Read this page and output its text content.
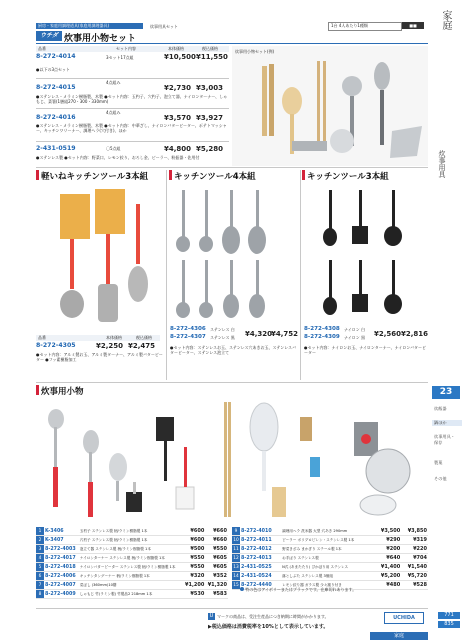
厨房・家庭用調理道具(家庭用調理器具)	炊事用具セット	1台 4人あたり1種類	■■
ウチダ 炊事用小物セット
家庭
炊事用具
23
炊飯器
鍋ほか
炊事用具・保存
製菓
その他
771
835
品番	セット内容	本体価格	税込価格
8-272-4014	3セット17点組	¥10,500 ¥11,550
●以下の3点セット
8-272-4015
4点組み
¥2,730 ¥3,003
●ステンレス・メラミン樹脂製、木製 ●セット内容：玉杓子、穴杓子、泡立て器、ナイロンターナー、しゃもじ、菜箸(1膳組270・300・330mm)
8-272-4016
4点組み
¥3,570 ¥3,927
●ステンレス・メラミン樹脂製、木製 ●セット内容：中華ざし、ナイロンバターピーター、ポテトマッシャー、キッチンワリーナー、調理ヘラ(穴付き)、ほか
2-431-0519	〇5点組	¥4,800 ¥5,280
●ステンレス製 ●セット内容：野菜口、レモン絞り、おろし金、ピーラー、粉振器・佐用付
炊事用小物セット(例)
軽いねキッチンツール3本組
品番	本体価格	税込価格
8-272-4305	¥2,250 ¥2,475
●セット内容：アルミ製お玉、アルミ製ターナー、アルミ製バターピーター ●フッ素樹脂加工
キッチンツール4本組
8-272-4306 ステンレス 白
8-272-4307 ステンレス 黒 ¥4,320
¥4,752
●セット内容：ステンレスお玉、ステンレス穴あきお玉、ステンレスバターピーター、ステンレス泡立て
キッチンツール3本組
8-272-4308 ナイロン 白
8-272-4309 ナイロン 黒 ¥2,560 ¥2,816
●セット内容：ナイロンお玉、ナイロンターナー、ナイロンバターピーター
炊事用小物
1	K-3406	玉杓子 ステンレス製 柄/ラミン樹脂製 1本	¥600	¥660
2	K-3407	穴杓子 ステンレス製 柄/ラミン樹脂製 1本	¥600	¥660
3	8-272-4003	泡立て器 ステンレス製 柄/ラミン樹脂製 1本	¥500	¥550
4	8-272-4017	ナイロンターナー ステンレス製 柄/ラミン樹脂製 1本	¥550	¥605
5	8-272-4018	ナイロンバターピーター ステンレス製 柄/ラミン樹脂製 1本	¥550	¥605
6	8-272-4006	キッチンタングーナー 柄/ラミン樹脂製 1本	¥320	¥352
7	8-272-4007	菜ばし (360mm)10膳	¥1,200	¥1,320
8	8-272-4009	しゃもじ 竹(ラミン製) 竹製品2 218mm 1本	¥530	¥583
9	8-272-4010	調理用ヘラ 洗米器 大型 穴あき 290mm	¥3,500	¥3,850
10	8-272-4011	ピーラー ポリプロピレン・ステンレス製 1本	¥290	¥319
11	8-272-4012	野菜きざみ まかぎり ステール製 1本	¥200	¥220
12	8-272-4013	お手ばり ステンレス製	¥640	¥704
13	2-431-0525	N式 (あまたたり) ぴかぼり用 ステンレス	¥1,400	¥1,540
14	2-431-0524	落としぶた ステンレス製 3個組	¥5,200	¥5,720
15	8-272-4440	レモン絞り器 ガラス製 少々割り付き	¥480	¥528
特の色はアイボリーまたはブラックです。在庫切れあります。
U マークの商品は、受注生産品につき納期に時間がかかります。
▶税込価格は消費税率を10%として表示しています。
UCHIDA
家庭
